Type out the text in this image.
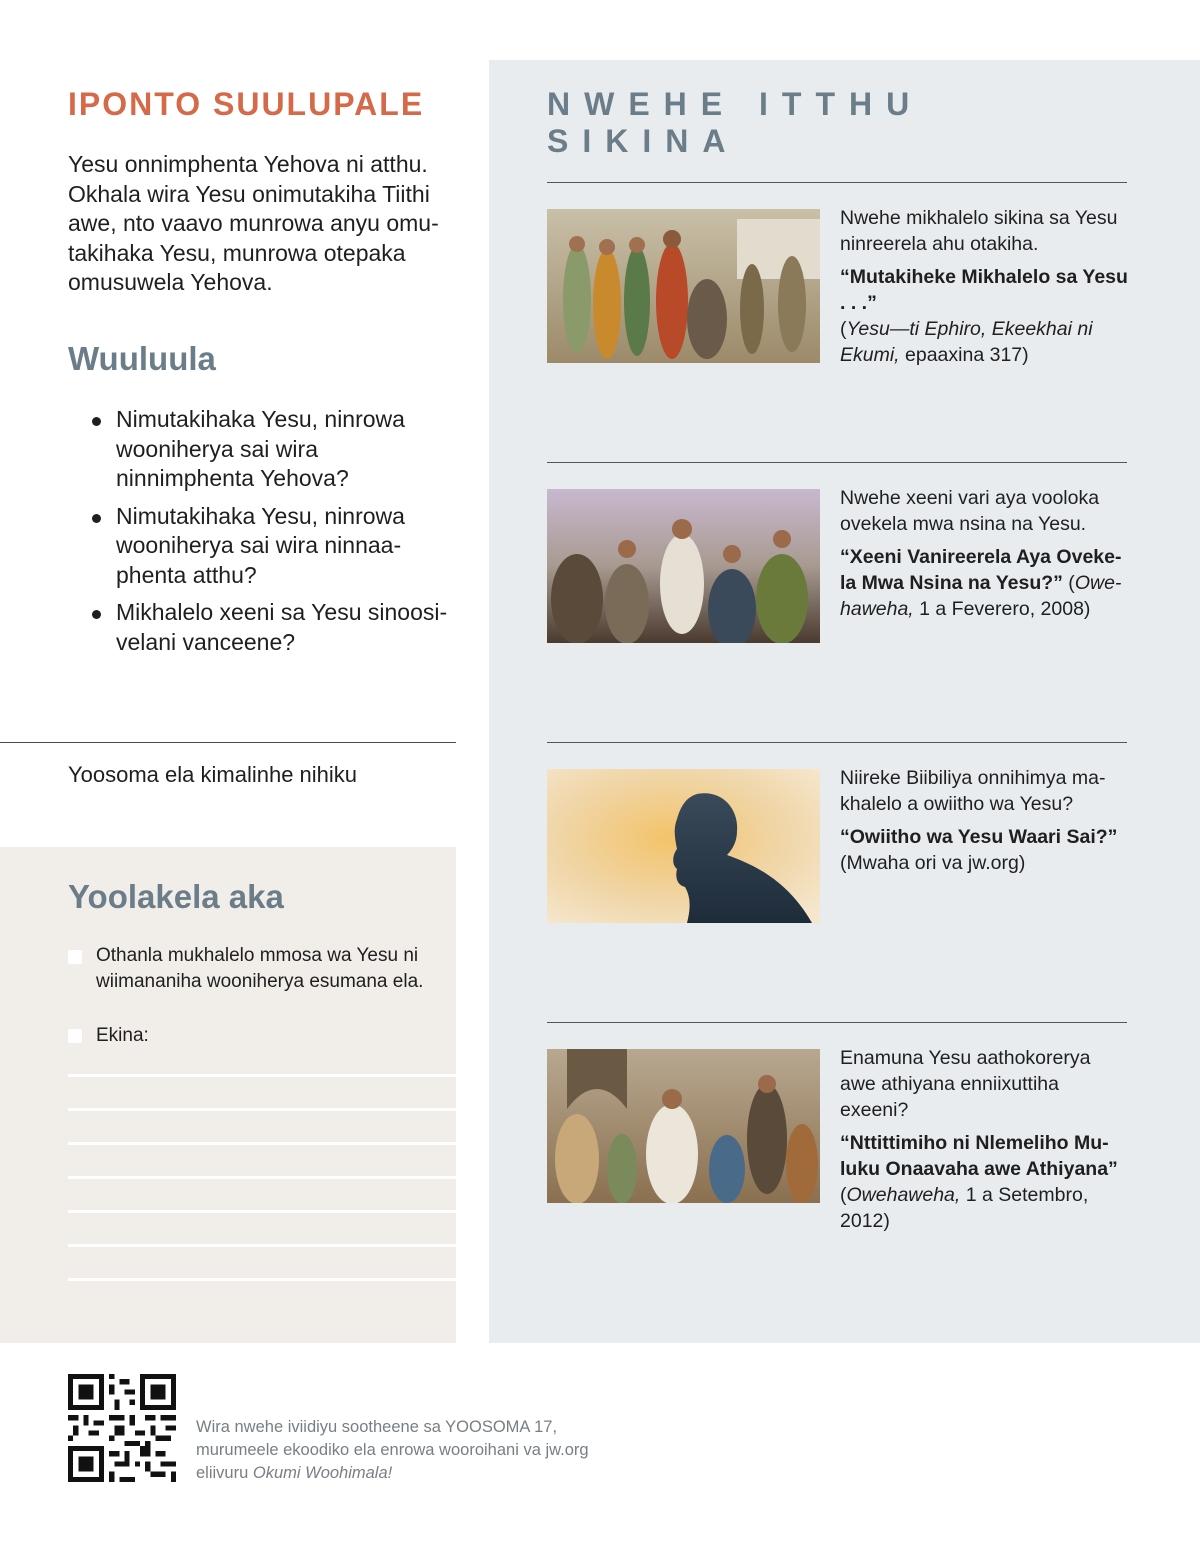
IPONTO SUULUPALE

Yesu onnimphenta Yehova ni atthu. Okhala wira Yesu onimutakiha Tiithi awe, nto vaavo munrowa anyu omu-takihaka Yesu, munrowa otepaka omusuwela Yehova.

Wuuluula
Nimutakihaka Yesu, ninrowa wooniherya sai wira ninnimphenta Yehova?
Nimutakihaka Yesu, ninrowa wooniherya sai wira ninnaa-phenta atthu?
Mikhalelo xeeni sa Yesu sinoosi-velani vanceene?
Yoosoma ela kimalinhe nihiku
Yoolakela aka
Othanla mukhalelo mmosa wa Yesu ni wiimananiha wooniherya esumana ela.
Ekina:
NWEHE ITTHU SIKINA
Nwehe mikhalelo sikina sa Yesu ninreerela ahu otakiha.
“Mutakiheke Mikhalelo sa Yesu . . .”
(Yesu—ti Ephiro, Ekeekhai ni Ekumi, epaaxina 317)
Nwehe xeeni vari aya vooloka ovekela mwa nsina na Yesu.
“Xeeni Vanireerela Aya Oveke-la Mwa Nsina na Yesu?” (Owe-haweha, 1 a Feverero, 2008)
Niireke Biibiliya onnihimya ma-khalelo a owiitho wa Yesu?
“Owiitho wa Yesu Waari Sai?”
(Mwaha ori va jw.org)
Enamuna Yesu aathokorerya awe athiyana enniixuttiha exeeni?
“Nttittimiho ni Nlemeliho Mu-luku Onaavaha awe Athiyana”
(Owehaweha, 1 a Setembro, 2012)
Wira nwehe iviidiyu sootheene sa YOOSOMA 17, murumeele ekoodiko ela enrowa wooroihani va jw.org eliivuru Okumi Woohimala!
